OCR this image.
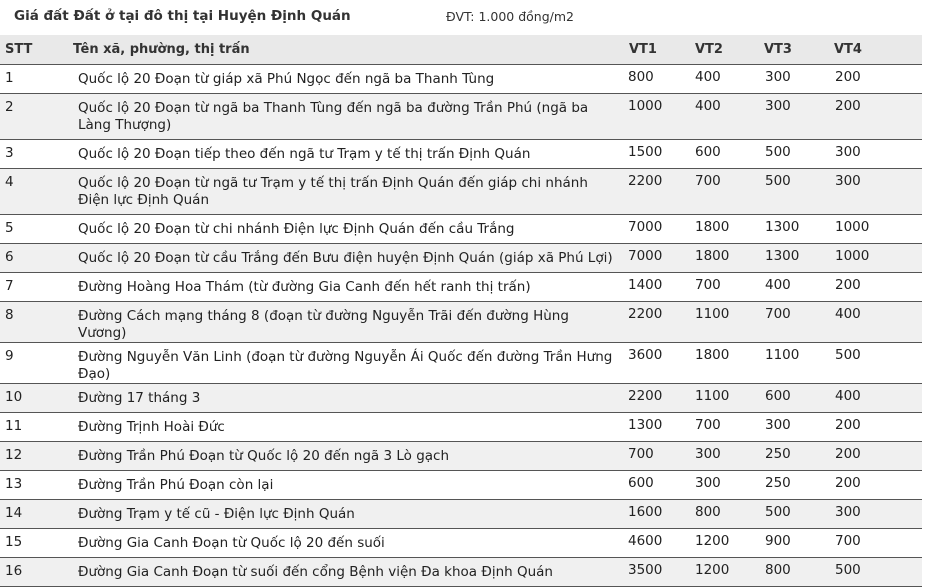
Giá đất Đất ở tại đô thị tại Huyện Định Quán	ĐVT: 1.000 đồng/m2
STT	Tên xã, phường, thị trấn	VT1	VT2	VT3	VT4
1	Quốc lộ 20 Đoạn từ giáp xã Phú Ngọc đến ngã ba Thanh Tùng	800	400	300	200
2	Quốc lộ 20 Đoạn từ ngã ba Thanh Tùng đến ngã ba đường Trần Phú (ngã ba Làng Thượng)	1000	400	300	200
3	Quốc lộ 20 Đoạn tiếp theo đến ngã tư Trạm y tế thị trấn Định Quán	1500	600	500	300
4	Quốc lộ 20 Đoạn từ ngã tư Trạm y tế thị trấn Định Quán đến giáp chi nhánh Điện lực Định Quán	2200	700	500	300
5	Quốc lộ 20 Đoạn từ chi nhánh Điện lực Định Quán đến cầu Trắng	7000	1800	1300	1000
6	Quốc lộ 20 Đoạn từ cầu Trắng đến Bưu điện huyện Định Quán (giáp xã Phú Lợi)	7000	1800	1300	1000
7	Đường Hoàng Hoa Thám (từ đường Gia Canh đến hết ranh thị trấn)	1400	700	400	200
8	Đường Cách mạng tháng 8 (đoạn từ đường Nguyễn Trãi đến đường Hùng Vương)	2200	1100	700	400
9	Đường Nguyễn Văn Linh (đoạn từ đường Nguyễn Ái Quốc đến đường Trần Hưng Đạo)	3600	1800	1100	500
10	Đường 17 tháng 3	2200	1100	600	400
11	Đường Trịnh Hoài Đức	1300	700	300	200
12	Đường Trần Phú Đoạn từ Quốc lộ 20 đến ngã 3 Lò gạch	700	300	250	200
13	Đường Trần Phú Đoạn còn lại	600	300	250	200
14	Đường Trạm y tế cũ - Điện lực Định Quán	1600	800	500	300
15	Đường Gia Canh Đoạn từ Quốc lộ 20 đến suối	4600	1200	900	700
16	Đường Gia Canh Đoạn từ suối đến cổng Bệnh viện Đa khoa Định Quán	3500	1200	800	500
